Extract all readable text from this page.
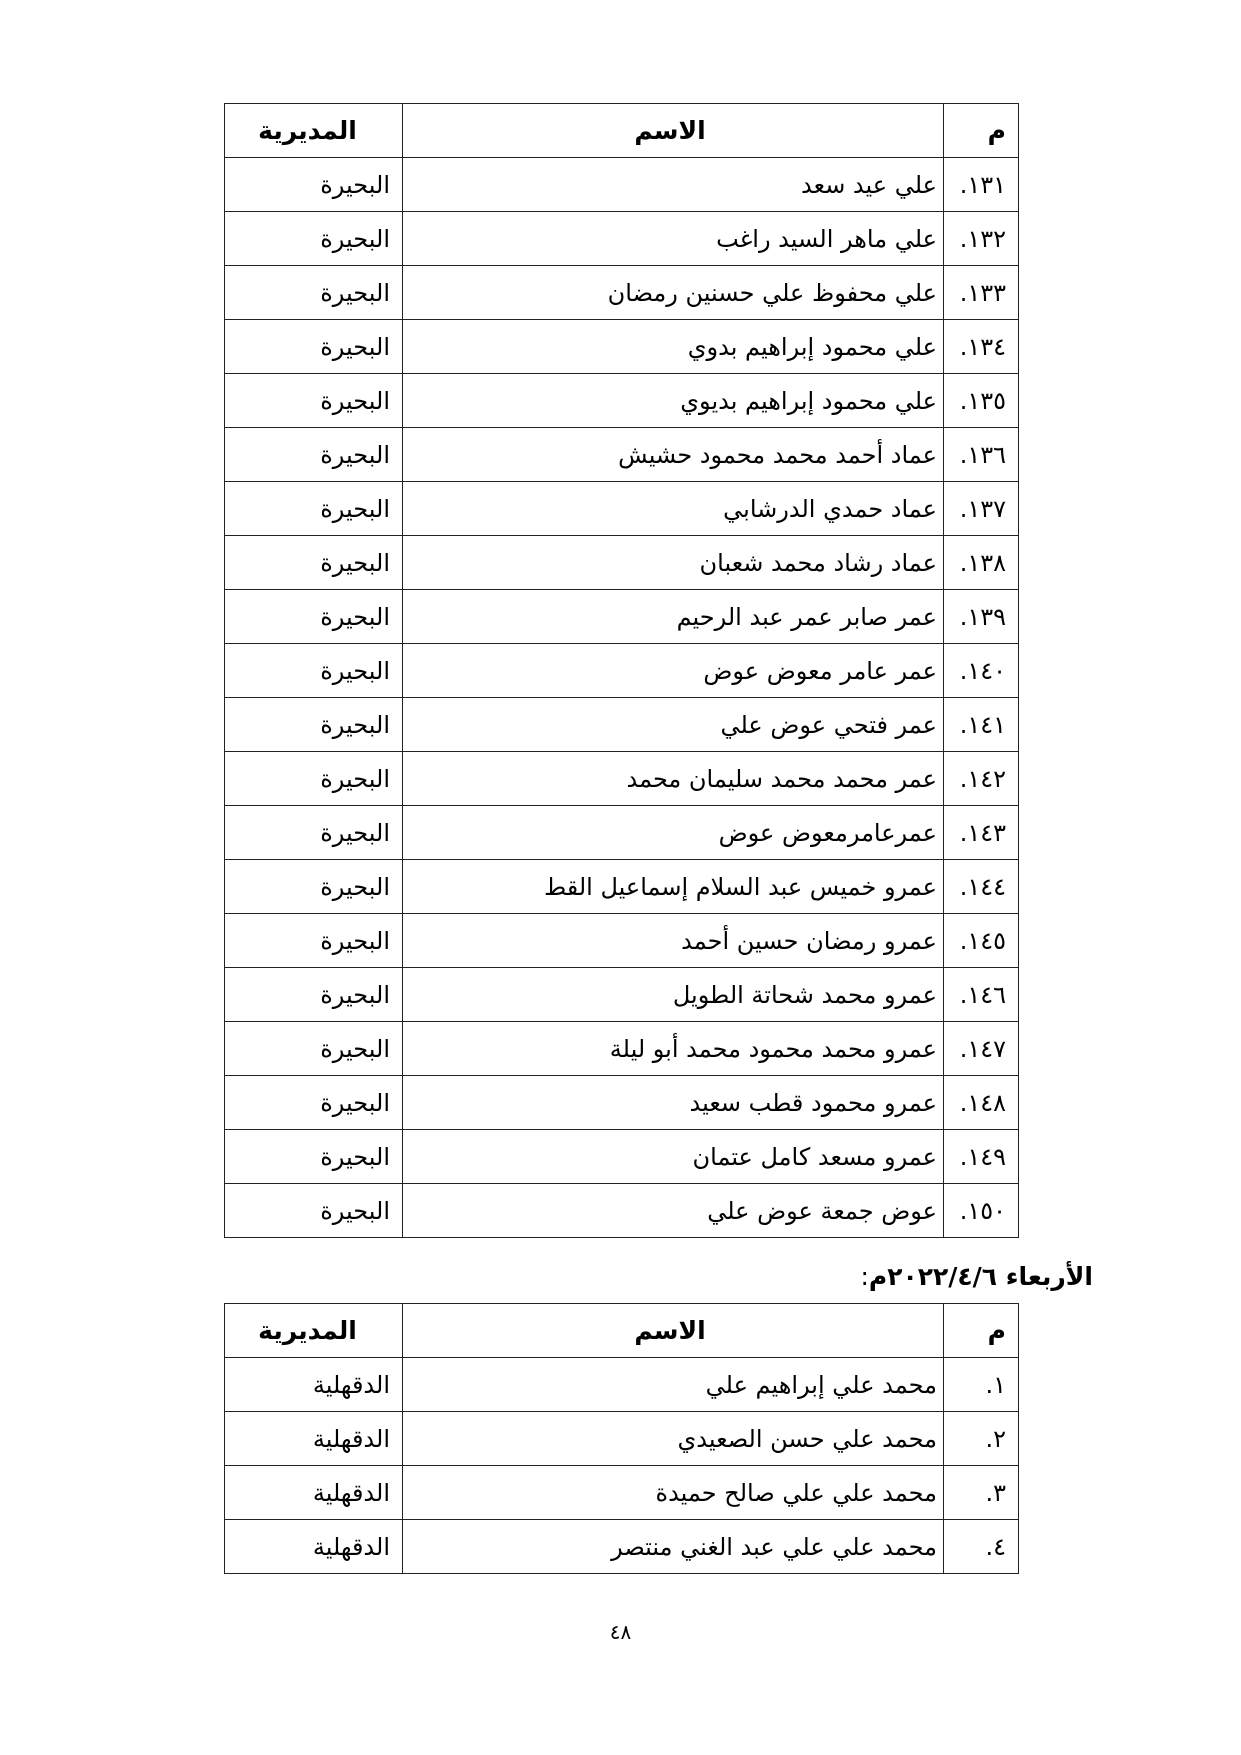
م	الاسم	المديرية
١٣١.	علي عيد سعد	البحيرة
١٣٢.	علي ماهر السيد راغب	البحيرة
١٣٣.	علي محفوظ علي حسنين رمضان	البحيرة
١٣٤.	علي محمود إبراهيم بدوي	البحيرة
١٣٥.	علي محمود إبراهيم بديوي	البحيرة
١٣٦.	عماد أحمد محمد محمود حشيش	البحيرة
١٣٧.	عماد حمدي الدرشابي	البحيرة
١٣٨.	عماد رشاد محمد شعبان	البحيرة
١٣٩.	عمر صابر عمر عبد الرحيم	البحيرة
١٤٠.	عمر عامر معوض عوض	البحيرة
١٤١.	عمر فتحي عوض علي	البحيرة
١٤٢.	عمر محمد محمد سليمان محمد	البحيرة
١٤٣.	عمرعامرمعوض عوض	البحيرة
١٤٤.	عمرو خميس عبد السلام إسماعيل القط	البحيرة
١٤٥.	عمرو رمضان حسين أحمد	البحيرة
١٤٦.	عمرو محمد شحاتة الطويل	البحيرة
١٤٧.	عمرو محمد محمود محمد أبو ليلة	البحيرة
١٤٨.	عمرو محمود قطب سعيد	البحيرة
١٤٩.	عمرو مسعد كامل عتمان	البحيرة
١٥٠.	عوض جمعة عوض علي	البحيرة
الأربعاء ٢٠٢٢/٤/٦م:
م	الاسم	المديرية
١.	محمد علي إبراهيم علي	الدقهلية
٢.	محمد علي حسن الصعيدي	الدقهلية
٣.	محمد علي علي صالح حميدة	الدقهلية
٤.	محمد علي علي عبد الغني منتصر	الدقهلية
٤٨
